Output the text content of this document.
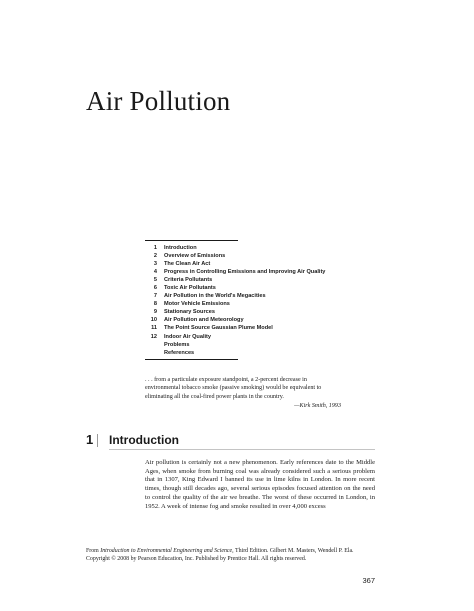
Air Pollution
1 Introduction
2 Overview of Emissions
3 The Clean Air Act
4 Progress in Controlling Emissions and Improving Air Quality
5 Criteria Pollutants
6 Toxic Air Pollutants
7 Air Pollution in the World's Megacities
8 Motor Vehicle Emissions
9 Stationary Sources
10 Air Pollution and Meteorology
11 The Point Source Gaussian Plume Model
12 Indoor Air Quality
Problems
References

. . . from a particulate exposure standpoint, a 2-percent decrease in environmental tobacco smoke (passive smoking) would be equivalent to eliminating all the coal-fired power plants in the country.

—Kirk Smith, 1993
1 Introduction

Air pollution is certainly not a new phenomenon. Early references date to the Middle Ages, when smoke from burning coal was already considered such a serious problem that in 1307, King Edward I banned its use in lime kilns in London. In more recent times, though still decades ago, several serious episodes focused attention on the need to control the quality of the air we breathe. The worst of these occurred in London, in 1952. A week of intense fog and smoke resulted in over 4,000 excess

From Introduction to Environmental Engineering and Science, Third Edition. Gilbert M. Masters, Wendell P. Ela. Copyright © 2008 by Pearson Education, Inc. Published by Prentice Hall. All rights reserved.

367
